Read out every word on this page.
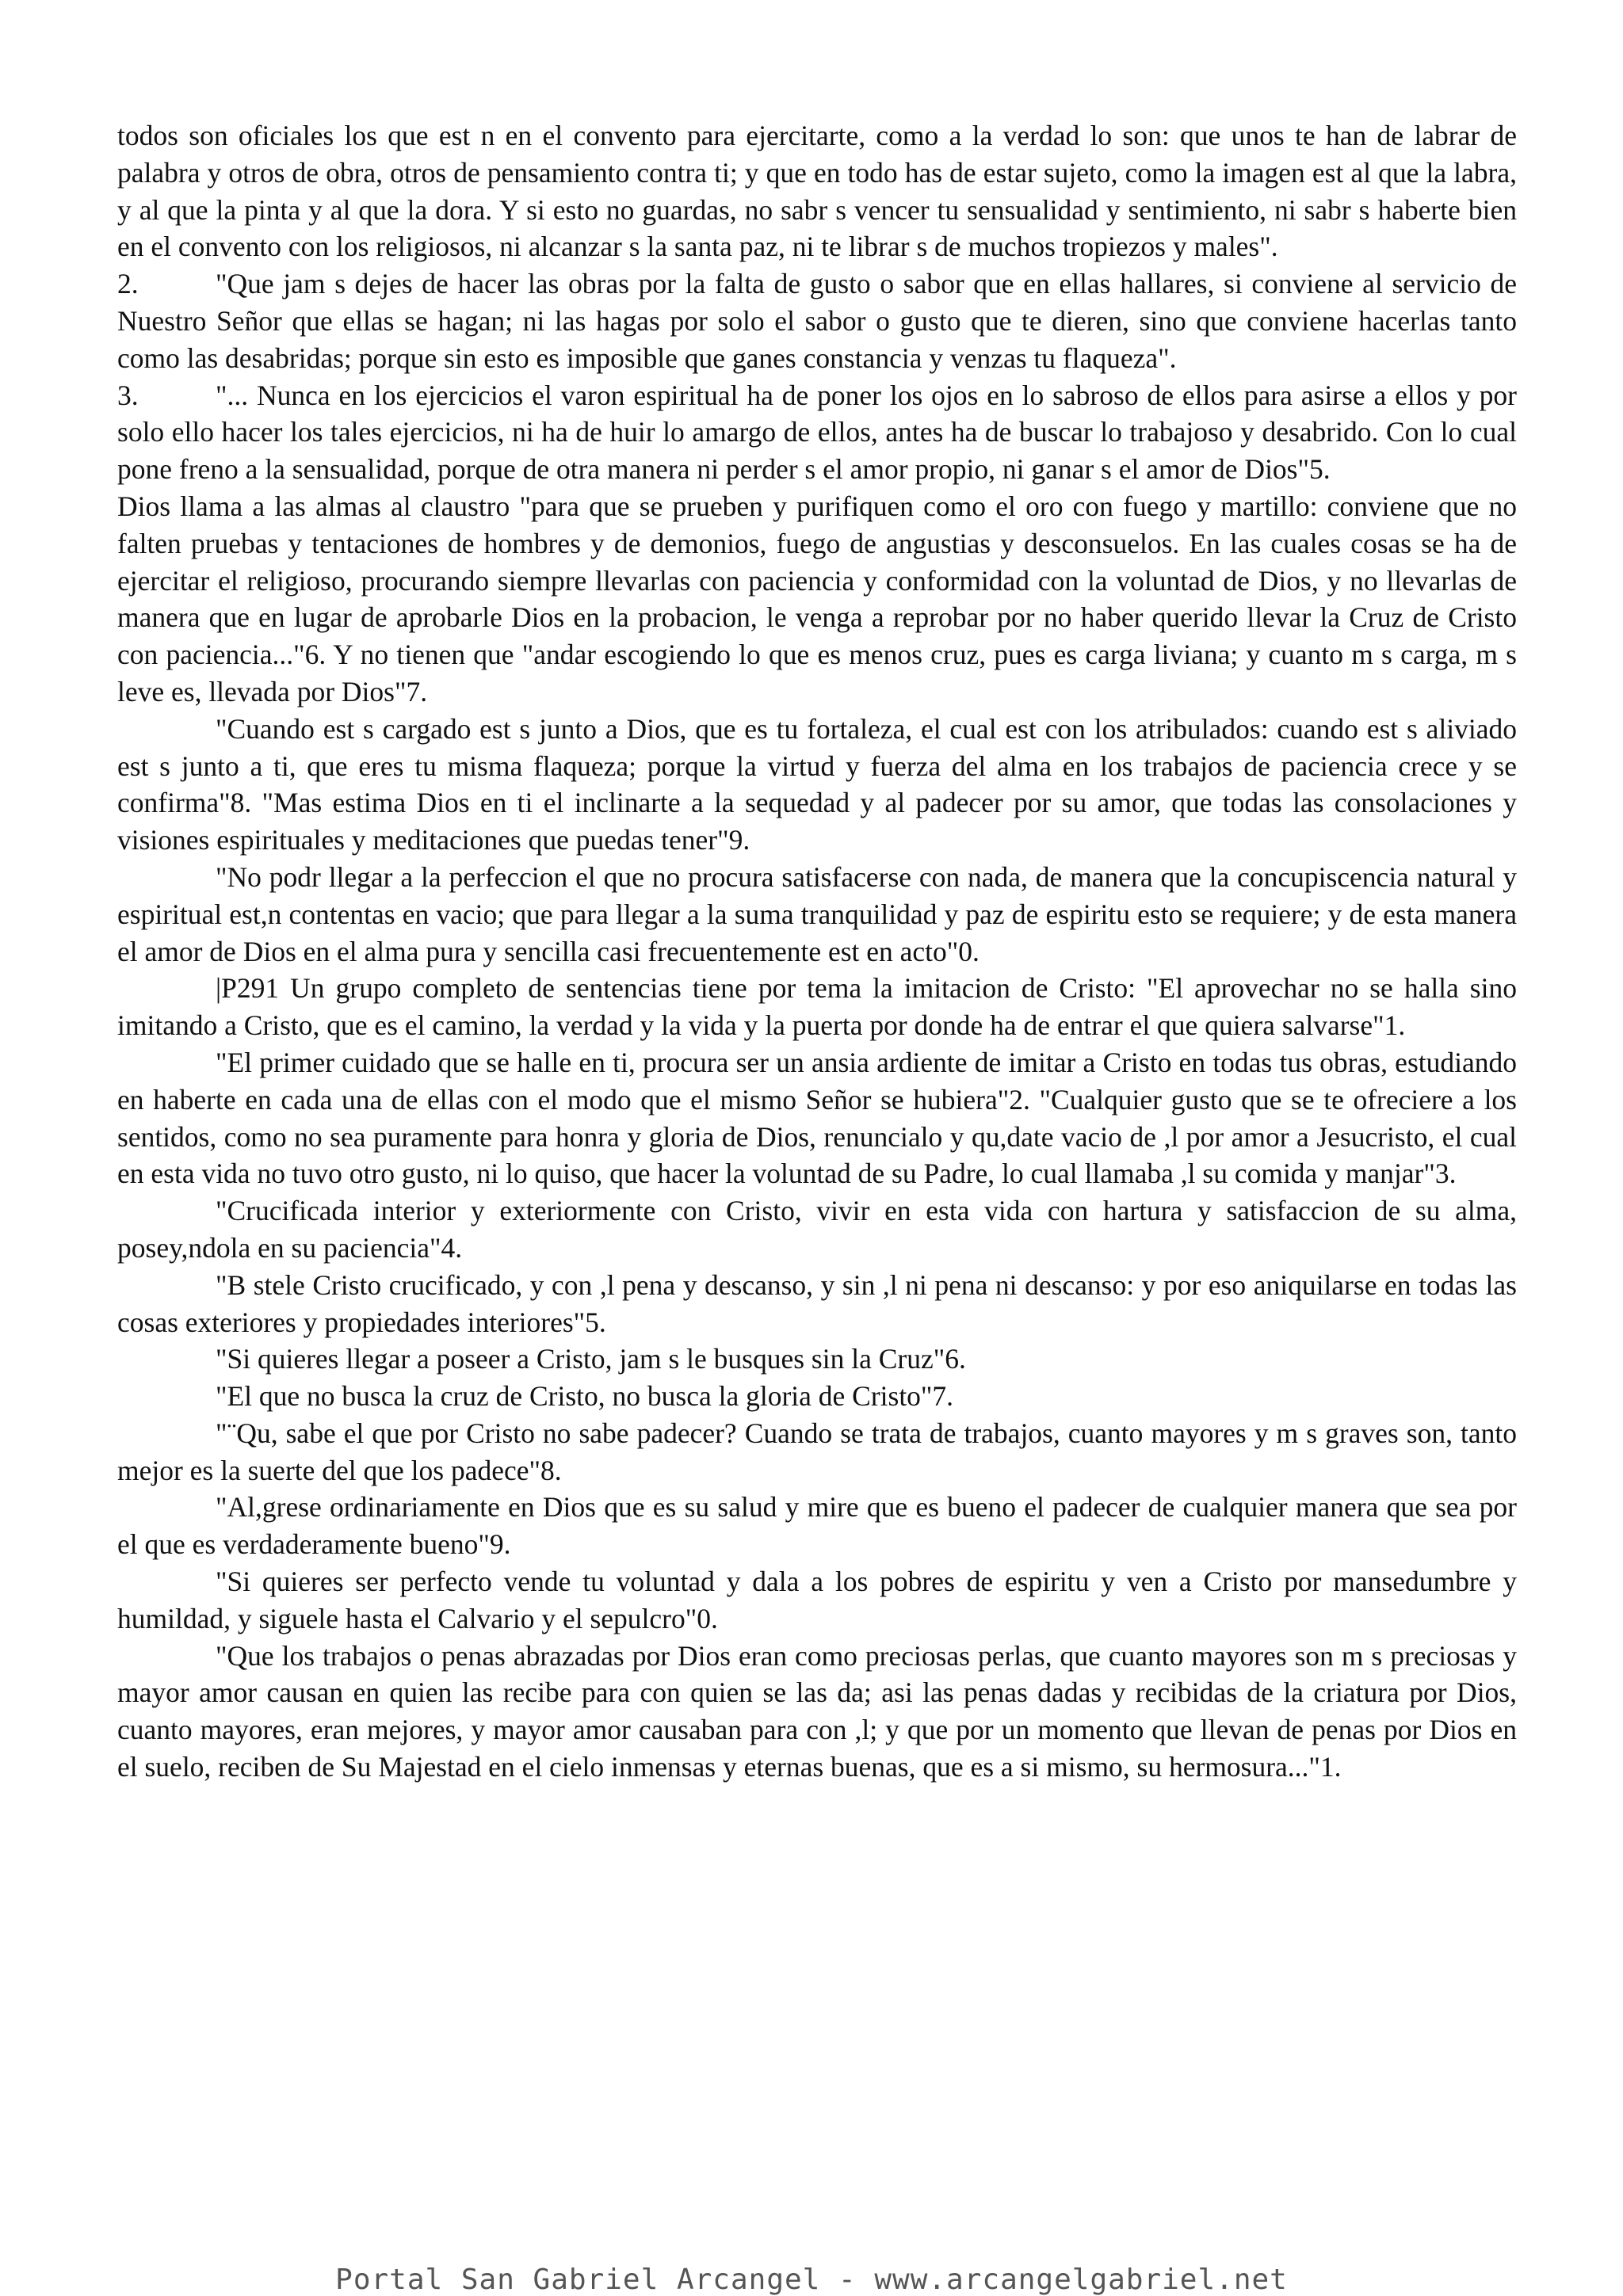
todos son oficiales los que est n en el convento para ejercitarte, como a la verdad lo son: que unos te han de labrar de palabra y otros de obra, otros de pensamiento contra ti; y que en todo has de estar sujeto, como la imagen est al que la labra, y al que la pinta y al que la dora. Y si esto no guardas, no sabr s vencer tu sensualidad y sentimiento, ni sabr s haberte bien en el convento con los religiosos, ni alcanzar s la santa paz, ni te librar s de muchos tropiezos y males".

2.	"Que jam s dejes de hacer las obras por la falta de gusto o sabor que en ellas hallares, si conviene al servicio de Nuestro Señor que ellas se hagan; ni las hagas por solo el sabor o gusto que te dieren, sino que conviene hacerlas tanto como las desabridas; porque sin esto es imposible que ganes constancia y venzas tu flaqueza".

3.	"... Nunca en los ejercicios el varon espiritual ha de poner los ojos en lo sabroso de ellos para asirse a ellos y por solo ello hacer los tales ejercicios, ni ha de huir lo amargo de ellos, antes ha de buscar lo trabajoso y desabrido. Con lo cual pone freno a la sensualidad, porque de otra manera ni perder s el amor propio, ni ganar s el amor de Dios"5.

Dios llama a las almas al claustro "para que se prueben y purifiquen como el oro con fuego y martillo: conviene que no falten pruebas y tentaciones de hombres y de demonios, fuego de angustias y desconsuelos. En las cuales cosas se ha de ejercitar el religioso, procurando siempre llevarlas con paciencia y conformidad con la voluntad de Dios, y no llevarlas de manera que en lugar de aprobarle Dios en la probacion, le venga a reprobar por no haber querido llevar la Cruz de Cristo con paciencia..."6. Y no tienen que "andar escogiendo lo que es menos cruz, pues es carga liviana; y cuanto m s carga, m s leve es, llevada por Dios"7.

"Cuando est s cargado est s junto a Dios, que es tu fortaleza, el cual est con los atribulados: cuando est s aliviado est s junto a ti, que eres tu misma flaqueza; porque la virtud y fuerza del alma en los trabajos de paciencia crece y se confirma"8. "Mas estima Dios en ti el inclinarte a la sequedad y al padecer por su amor, que todas las consolaciones y visiones espirituales y meditaciones que puedas tener"9.

"No podr llegar a la perfeccion el que no procura satisfacerse con nada, de manera que la concupiscencia natural y espiritual est,n contentas en vacio; que para llegar a la suma tranquilidad y paz de espiritu esto se requiere; y de esta manera el amor de Dios en el alma pura y sencilla casi frecuentemente est en acto"0.

|P291 Un grupo completo de sentencias tiene por tema la imitacion de Cristo: "El aprovechar no se halla sino imitando a Cristo, que es el camino, la verdad y la vida y la puerta por donde ha de entrar el que quiera salvarse"1.

"El primer cuidado que se halle en ti, procura ser un ansia ardiente de imitar a Cristo en todas tus obras, estudiando en haberte en cada una de ellas con el modo que el mismo Señor se hubiera"2. "Cualquier gusto que se te ofreciere a los sentidos, como no sea puramente para honra y gloria de Dios, renuncialo y qu,date vacio de ,l por amor a Jesucristo, el cual en esta vida no tuvo otro gusto, ni lo quiso, que hacer la voluntad de su Padre, lo cual llamaba ,l su comida y manjar"3.

"Crucificada interior y exteriormente con Cristo, vivir en esta vida con hartura y satisfaccion de su alma, posey,ndola en su paciencia"4.

"B stele Cristo crucificado, y con ,l pena y descanso, y sin ,l ni pena ni descanso: y por eso aniquilarse en todas las cosas exteriores y propiedades interiores"5.

"Si quieres llegar a poseer a Cristo, jam s le busques sin la Cruz"6.

"El que no busca la cruz de Cristo, no busca la gloria de Cristo"7.

"¨Qu, sabe el que por Cristo no sabe padecer? Cuando se trata de trabajos, cuanto mayores y m s graves son, tanto mejor es la suerte del que los padece"8.

"Al,grese ordinariamente en Dios que es su salud y mire que es bueno el padecer de cualquier manera que sea por el que es verdaderamente bueno"9.

"Si quieres ser perfecto vende tu voluntad y dala a los pobres de espiritu y ven a Cristo por mansedumbre y humildad, y siguele hasta el Calvario y el sepulcro"0.

"Que los trabajos o penas abrazadas por Dios eran como preciosas perlas, que cuanto mayores son m s preciosas y mayor amor causan en quien las recibe para con quien se las da; asi las penas dadas y recibidas de la criatura por Dios, cuanto mayores, eran mejores, y mayor amor causaban para con ,l; y que por un momento que llevan de penas por Dios en el suelo, reciben de Su Majestad en el cielo inmensas y eternas buenas, que es a si mismo, su hermosura..."1.

Portal San Gabriel Arcangel - www.arcangelgabriel.net
